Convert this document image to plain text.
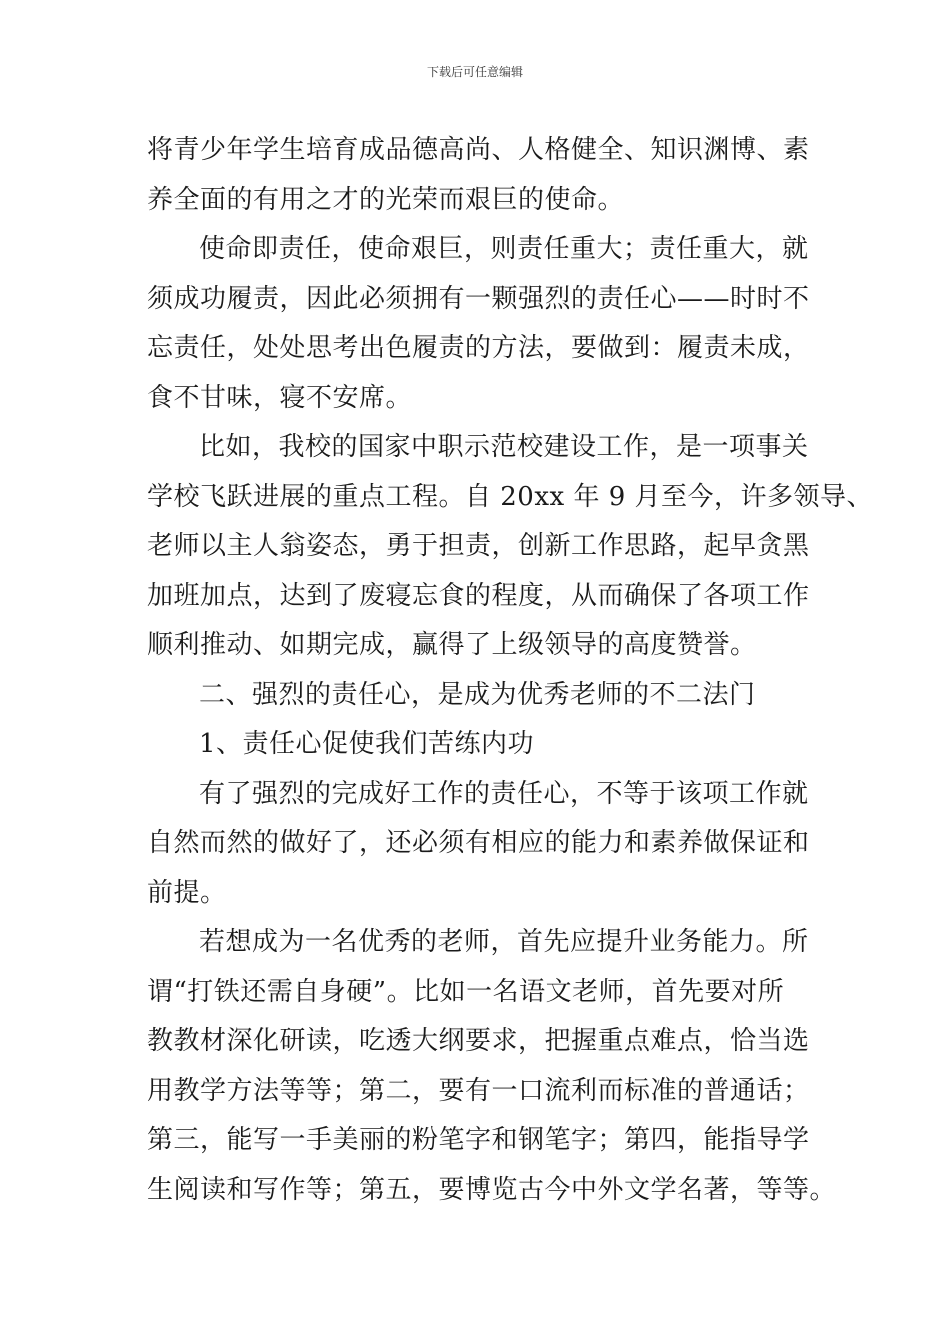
下载后可任意编辑
将青少年学生培育成品德高尚、人格健全、知识渊博、素
养全面的有用之才的光荣而艰巨的使命。
使命即责任，使命艰巨，则责任重大；责任重大，就
须成功履责，因此必须拥有一颗强烈的责任心——时时不
忘责任，处处思考出色履责的方法，要做到：履责未成，
食不甘味，寝不安席。
比如，我校的国家中职示范校建设工作，是一项事关
学校飞跃进展的重点工程。自 20xx 年 9 月至今，许多领导、
老师以主人翁姿态，勇于担责，创新工作思路，起早贪黑
加班加点，达到了废寝忘食的程度，从而确保了各项工作
顺利推动、如期完成，赢得了上级领导的高度赞誉。
二、强烈的责任心，是成为优秀老师的不二法门
1、责任心促使我们苦练内功
有了强烈的完成好工作的责任心，不等于该项工作就
自然而然的做好了，还必须有相应的能力和素养做保证和
前提。
若想成为一名优秀的老师，首先应提升业务能力。所
谓“打铁还需自身硬”。比如一名语文老师，首先要对所
教教材深化研读，吃透大纲要求，把握重点难点，恰当选
用教学方法等等；第二，要有一口流利而标准的普通话；
第三，能写一手美丽的粉笔字和钢笔字；第四，能指导学
生阅读和写作等；第五，要博览古今中外文学名著，等等。
